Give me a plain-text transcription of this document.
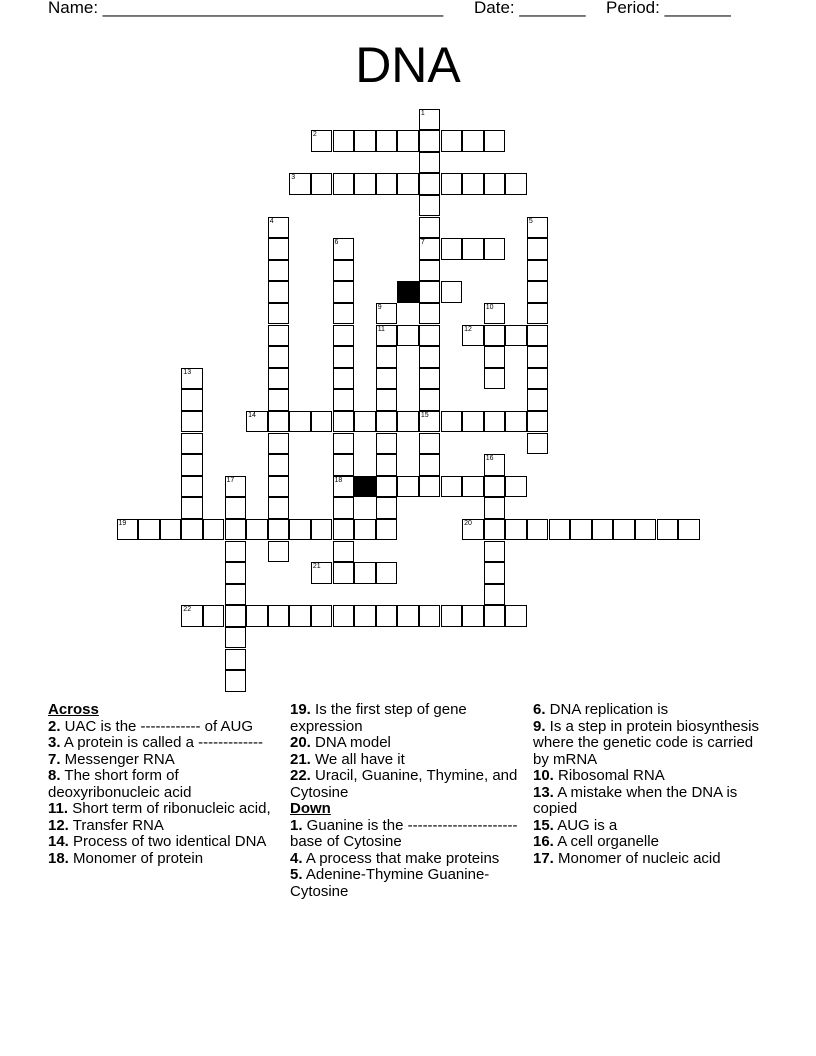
Name: ____________________________________ Date: _______ Period: _______
DNA
1
7
15
2
3
4	5
6
18
8
9	10
11	12
13
14
16
17
19	20
21
22
Across
2. UAC is the ------------ of AUG
3. A protein is called a -------------
7. Messenger RNA
8. The short form of deoxyribonucleic acid
11. Short term of ribonucleic acid,
12. Transfer RNA
14. Process of two identical DNA
18. Monomer of protein
19. Is the first step of gene expression
20. DNA model
21. We all have it
22. Uracil, Guanine, Thymine, and Cytosine
Down
1. Guanine is the ---------------------- base of Cytosine
4. A process that make proteins
5. Adenine-Thymine Guanine-Cytosine
6. DNA replication is
9. Is a step in protein biosynthesis where the genetic code is carried by mRNA
10. Ribosomal RNA
13. A mistake when the DNA is copied
15. AUG is a
16. A cell organelle
17. Monomer of nucleic acid
